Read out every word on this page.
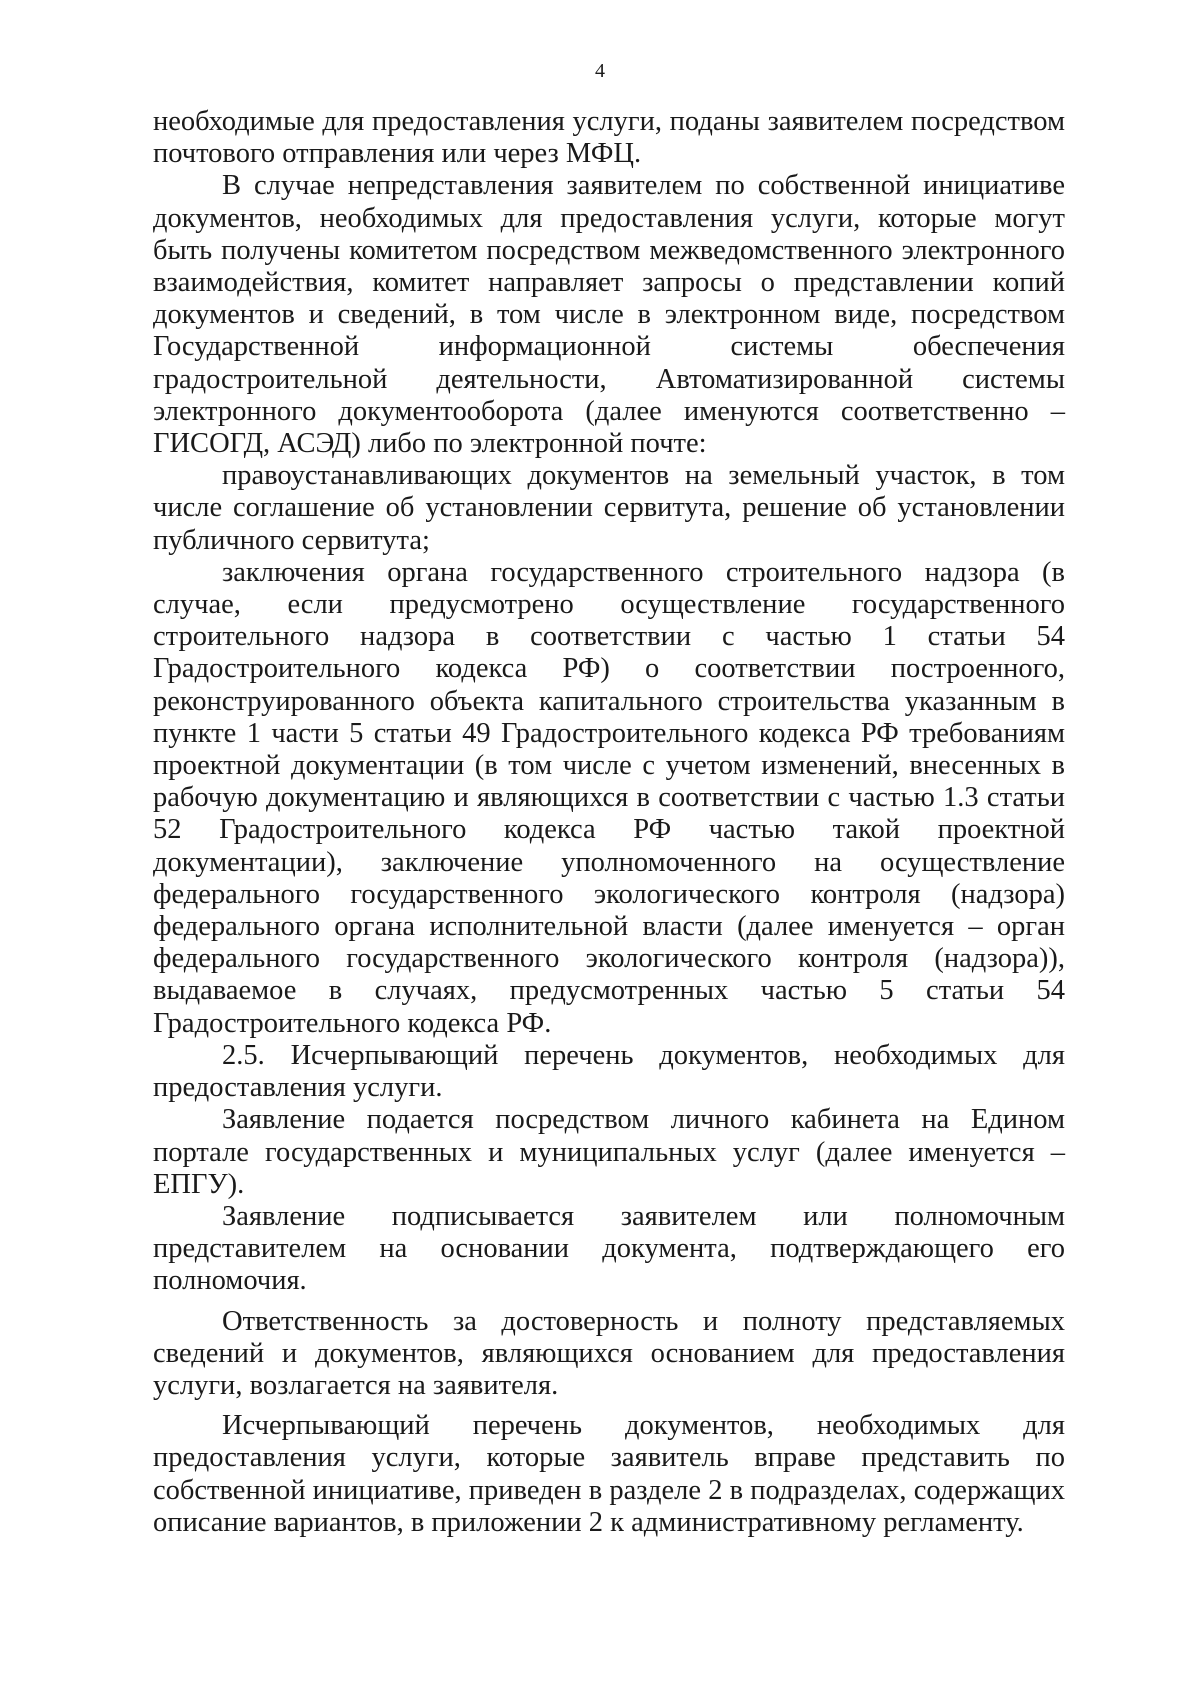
4

необходимые для предоставления услуги, поданы заявителем посредством почтового отправления или через МФЦ.

В случае непредставления заявителем по собственной инициативе документов, необходимых для предоставления услуги, которые могут быть получены комитетом посредством межведомственного электронного взаимодействия, комитет направляет запросы о представлении копий документов и сведений, в том числе в электронном виде, посредством Государственной информационной системы обеспечения градостроительной деятельности, Автоматизированной системы электронного документооборота (далее именуются соответственно – ГИСОГД, АСЭД) либо по электронной почте:

правоустанавливающих документов на земельный участок, в том числе соглашение об установлении сервитута, решение об установлении публичного сервитута;

заключения органа государственного строительного надзора (в случае, если предусмотрено осуществление государственного строительного надзора в соответствии с частью 1 статьи 54 Градостроительного кодекса РФ) о соответствии построенного, реконструированного объекта капитального строительства указанным в пункте 1 части 5 статьи 49 Градостроительного кодекса РФ требованиям проектной документации (в том числе с учетом изменений, внесенных в рабочую документацию и являющихся в соответствии с частью 1.3 статьи 52 Градостроительного кодекса РФ частью такой проектной документации), заключение уполномоченного на осуществление федерального государственного экологического контроля (надзора) федерального органа исполнительной власти (далее именуется – орган федерального государственного экологического контроля (надзора)), выдаваемое в случаях, предусмотренных частью 5 статьи 54 Градостроительного кодекса РФ.

2.5. Исчерпывающий перечень документов, необходимых для предоставления услуги.

Заявление подается посредством личного кабинета на Едином портале государственных и муниципальных услуг (далее именуется – ЕПГУ).

Заявление подписывается заявителем или полномочным представителем на основании документа, подтверждающего его полномочия.

Ответственность за достоверность и полноту представляемых сведений и документов, являющихся основанием для предоставления услуги, возлагается на заявителя.

Исчерпывающий перечень документов, необходимых для предоставления услуги, которые заявитель вправе представить по собственной инициативе, приведен в разделе 2 в подразделах, содержащих описание вариантов, в приложении 2 к административному регламенту.
